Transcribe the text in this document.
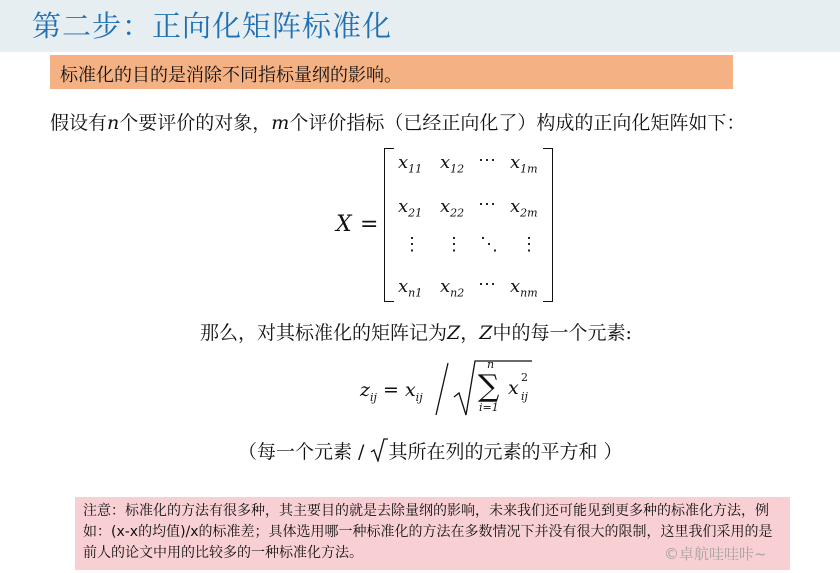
第二步：正向化矩阵标准化
标准化的目的是消除不同指标量纲的影响。
假设有n个要评价的对象，m个评价指标（已经正向化了）构成的正向化矩阵如下：
X =
$x_{11}$ $x_{12}$ ⋯ $x_{1m}$
$x_{21}$ $x_{22}$ ⋯ $x_{2m}$
⋮ ⋮ ⋱ ⋮
$x_{n1}$ $x_{n2}$ ⋯ $x_{nm}$
那么，对其标准化的矩阵记为Z，Z中的每一个元素:
$z_{ij} = x_{ij}$
n
∑
i=1
x 2
ij
（每一个元素 / 其所在列的元素的平方和 ）
注意：标准化的方法有很多种，其主要目的就是去除量纲的影响，未来我们还可能见到更多种的标准化方法，例如：(x-x的均值)/x的标准差；具体选用哪一种标准化的方法在多数情况下并没有很大的限制，这里我们采用的是前人的论文中用的比较多的一种标准化方法。	©卓航哇哇咔~
